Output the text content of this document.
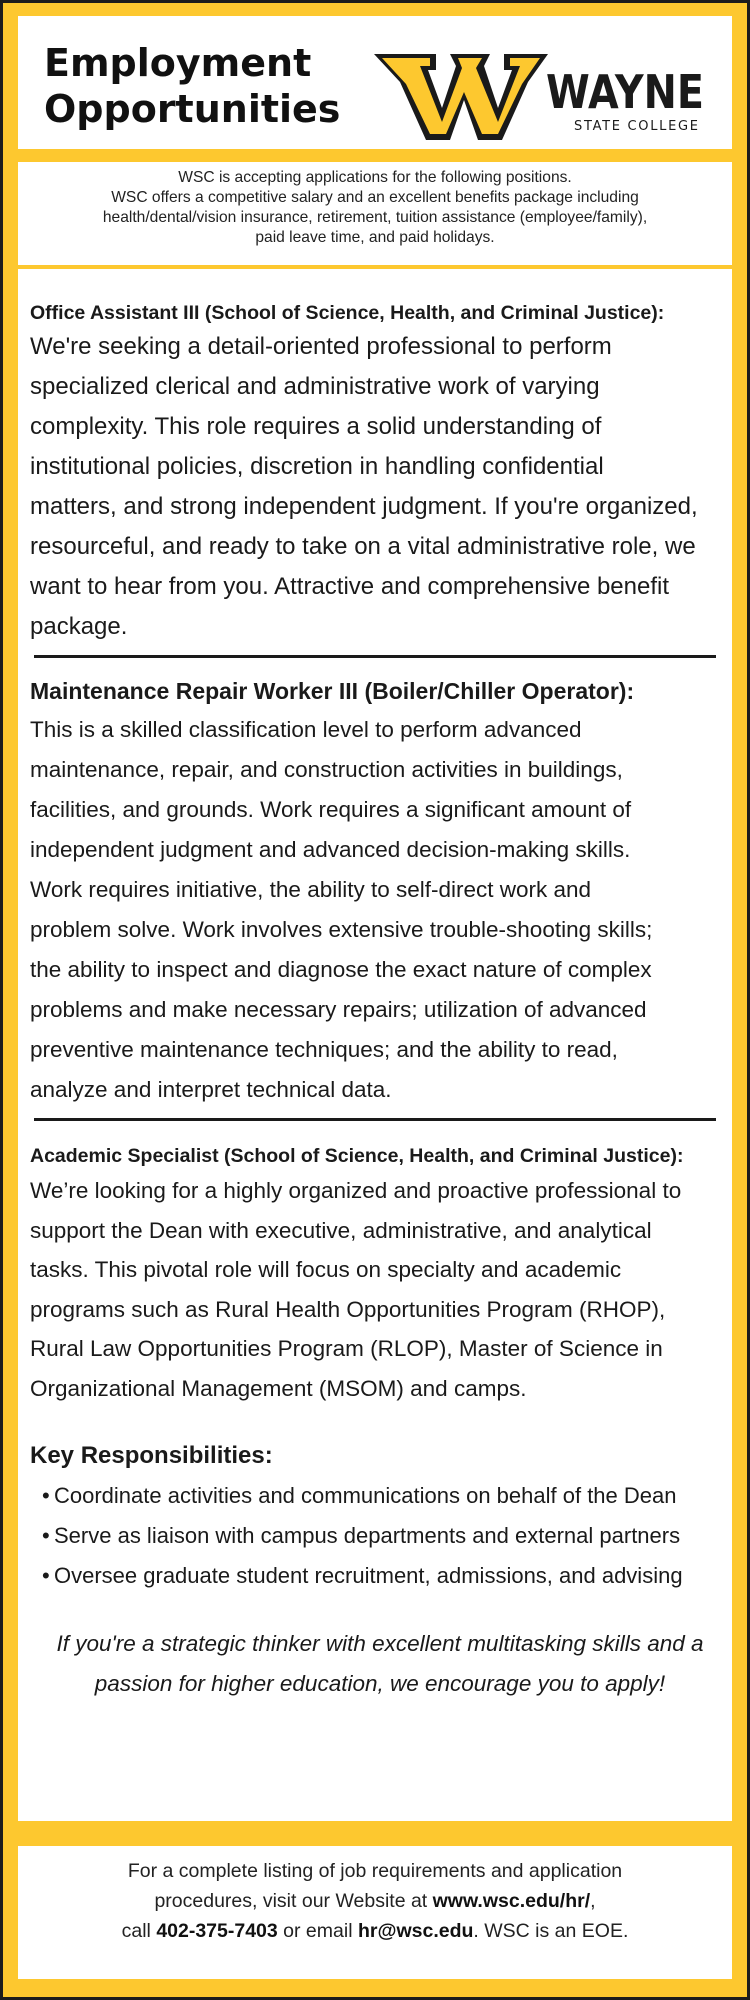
Employment
Opportunities	WAYNE
STATE COLLEGE
WSC is accepting applications for the following positions.
WSC offers a competitive salary and an excellent benefits package including
health/dental/vision insurance, retirement, tuition assistance (employee/family),
paid leave time, and paid holidays.
Office Assistant III (School of Science, Health, and Criminal Justice):
We're seeking a detail-oriented professional to perform
specialized clerical and administrative work of varying
complexity. This role requires a solid understanding of
institutional policies, discretion in handling confidential
matters, and strong independent judgment. If you're organized,
resourceful, and ready to take on a vital administrative role, we
want to hear from you. Attractive and comprehensive benefit
package.
Maintenance Repair Worker III (Boiler/Chiller Operator):
This is a skilled classification level to perform advanced
maintenance, repair, and construction activities in buildings,
facilities, and grounds. Work requires a significant amount of
independent judgment and advanced decision-making skills.
Work requires initiative, the ability to self-direct work and
problem solve. Work involves extensive trouble-shooting skills;
the ability to inspect and diagnose the exact nature of complex
problems and make necessary repairs; utilization of advanced
preventive maintenance techniques; and the ability to read,
analyze and interpret technical data.
Academic Specialist (School of Science, Health, and Criminal Justice):
We’re looking for a highly organized and proactive professional to
support the Dean with executive, administrative, and analytical
tasks. This pivotal role will focus on specialty and academic
programs such as Rural Health Opportunities Program (RHOP),
Rural Law Opportunities Program (RLOP), Master of Science in
Organizational Management (MSOM) and camps.
Key Responsibilities:
• Coordinate activities and communications on behalf of the Dean
• Serve as liaison with campus departments and external partners
• Oversee graduate student recruitment, admissions, and advising
If you're a strategic thinker with excellent multitasking skills and a
passion for higher education, we encourage you to apply!
For a complete listing of job requirements and application
procedures, visit our Website at www.wsc.edu/hr/,
call 402-375-7403 or email hr@wsc.edu. WSC is an EOE.
